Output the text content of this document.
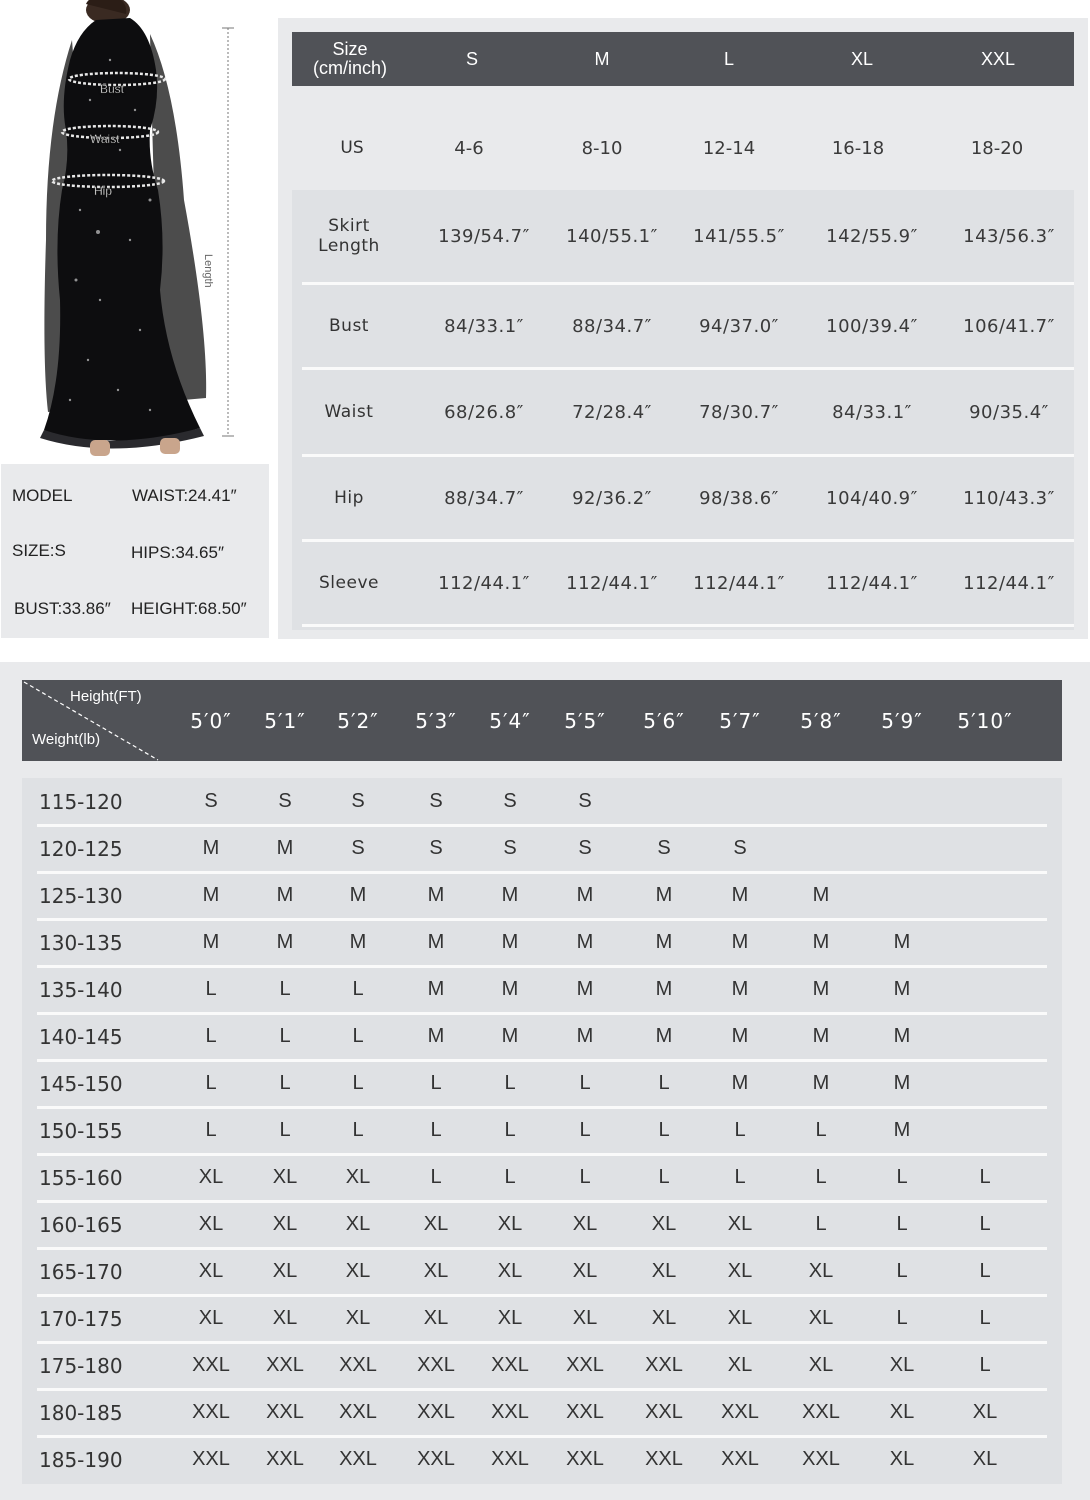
Bust
Waist
Hip
Length
MODEL	WAIST:24.41″
SIZE:S	HIPS:34.65″
BUST:33.86″ HEIGHT:68.50″
Size
(cm/inch)	S	M	L	XL	XXL
US	4-6	8-10	12-14	16-18	18-20
Skirt
Length	139/54.7″	140/55.1″	141/55.5″	142/55.9″	143/56.3″
Bust	84/33.1″	88/34.7″	94/37.0″	100/39.4″	106/41.7″
Waist	68/26.8″	72/28.4″	78/30.7″	84/33.1″	90/35.4″
Hip	88/34.7″	92/36.2″	98/38.6″	104/40.9″	110/43.3″
Sleeve	112/44.1″	112/44.1″	112/44.1″	112/44.1″	112/44.1″
Height(FT)
Weight(lb)
5′0″	5′1″	5′2″	5′3″	5′4″	5′5″	5′6″	5′7″	5′8″	5′9″	5′10″
115-120	S	S	S	S	S	S
120-125	M	M	S	S	S	S	S	S
125-130	M	M	M	M	M	M	M	M	M
130-135	M	M	M	M	M	M	M	M	M	M
135-140	L	L	L	M	M	M	M	M	M	M
140-145	L	L	L	M	M	M	M	M	M	M
145-150	L	L	L	L	L	L	L	M	M	M
150-155	L	L	L	L	L	L	L	L	L	M
155-160	XL	XL	XL	L	L	L	L	L	L	L	L
160-165	XL	XL	XL	XL	XL	XL	XL	XL	L	L	L
165-170	XL	XL	XL	XL	XL	XL	XL	XL	XL	L	L
170-175	XL	XL	XL	XL	XL	XL	XL	XL	XL	L	L
175-180	XXL	XXL	XXL	XXL	XXL	XXL	XXL	XL	XL	XL	L
180-185	XXL	XXL	XXL	XXL	XXL	XXL	XXL	XXL	XXL	XL	XL
185-190	XXL	XXL	XXL	XXL	XXL	XXL	XXL	XXL	XXL	XL	XL
